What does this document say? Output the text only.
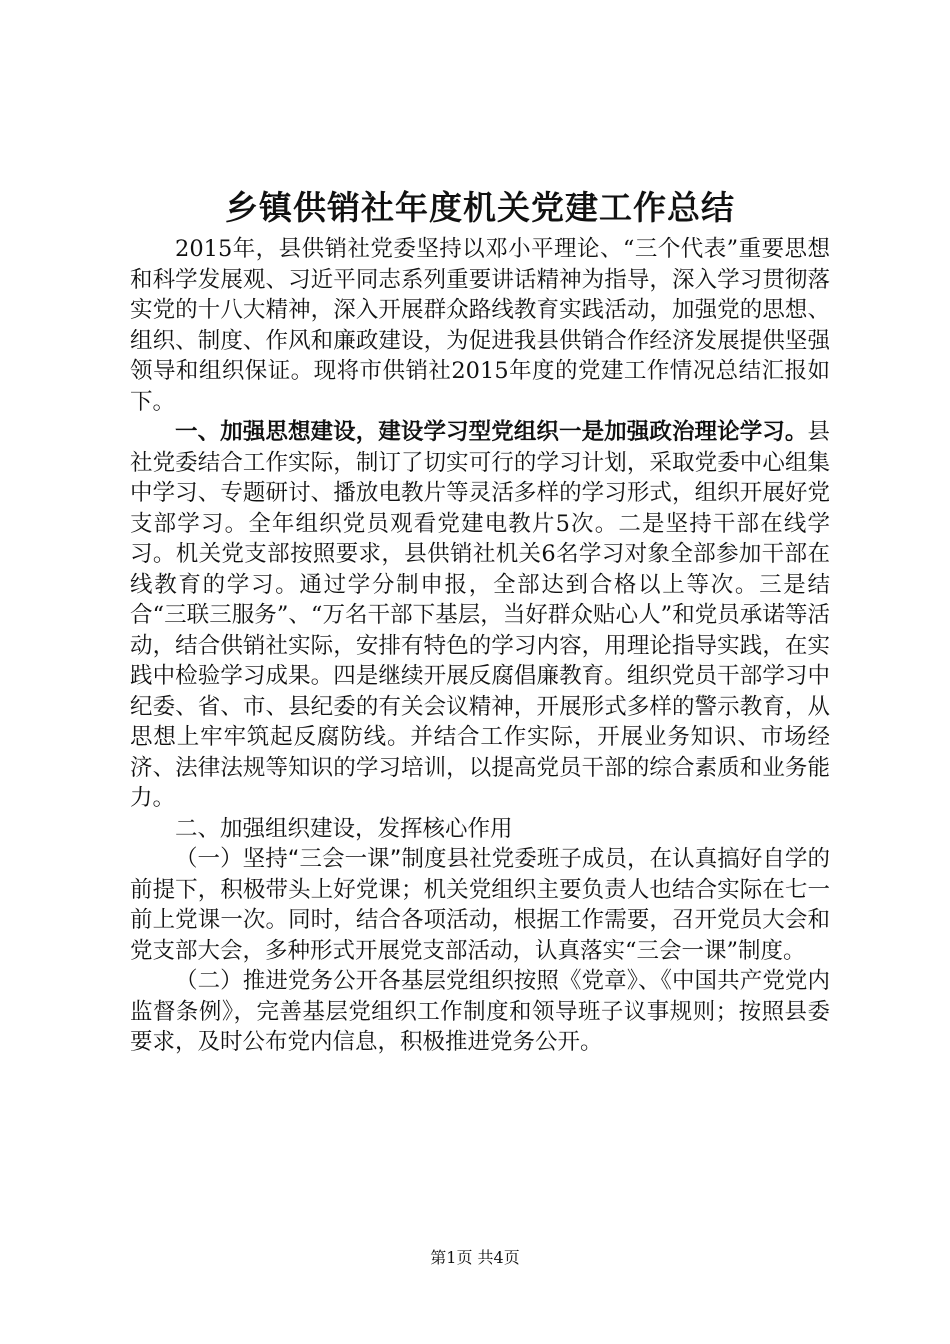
乡镇供销社年度机关党建工作总结

2015年，县供销社党委坚持以邓小平理论、“三个代表”重要思想和科学发展观、习近平同志系列重要讲话精神为指导，深入学习贯彻落实党的十八大精神，深入开展群众路线教育实践活动，加强党的思想、组织、制度、作风和廉政建设，为促进我县供销合作经济发展提供坚强领导和组织保证。现将市供销社2015年度的党建工作情况总结汇报如下。

一、加强思想建设，建设学习型党组织一是加强政治理论学习。县社党委结合工作实际，制订了切实可行的学习计划，采取党委中心组集中学习、专题研讨、播放电教片等灵活多样的学习形式，组织开展好党支部学习。全年组织党员观看党建电教片5次。二是坚持干部在线学习。机关党支部按照要求，县供销社机关6名学习对象全部参加干部在线教育的学习。通过学分制申报，全部达到合格以上等次。三是结合“三联三服务”、“万名干部下基层，当好群众贴心人”和党员承诺等活动，结合供销社实际，安排有特色的学习内容，用理论指导实践，在实践中检验学习成果。四是继续开展反腐倡廉教育。组织党员干部学习中纪委、省、市、县纪委的有关会议精神，开展形式多样的警示教育，从思想上牢牢筑起反腐防线。并结合工作实际，开展业务知识、市场经济、法律法规等知识的学习培训，以提高党员干部的综合素质和业务能力。

二、加强组织建设，发挥核心作用

（一）坚持“三会一课”制度县社党委班子成员，在认真搞好自学的前提下，积极带头上好党课；机关党组织主要负责人也结合实际在七一前上党课一次。同时，结合各项活动，根据工作需要，召开党员大会和党支部大会，多种形式开展党支部活动，认真落实“三会一课”制度。

（二）推进党务公开各基层党组织按照《党章》、《中国共产党党内监督条例》，完善基层党组织工作制度和领导班子议事规则；按照县委要求，及时公布党内信息，积极推进党务公开。

第1页 共4页
